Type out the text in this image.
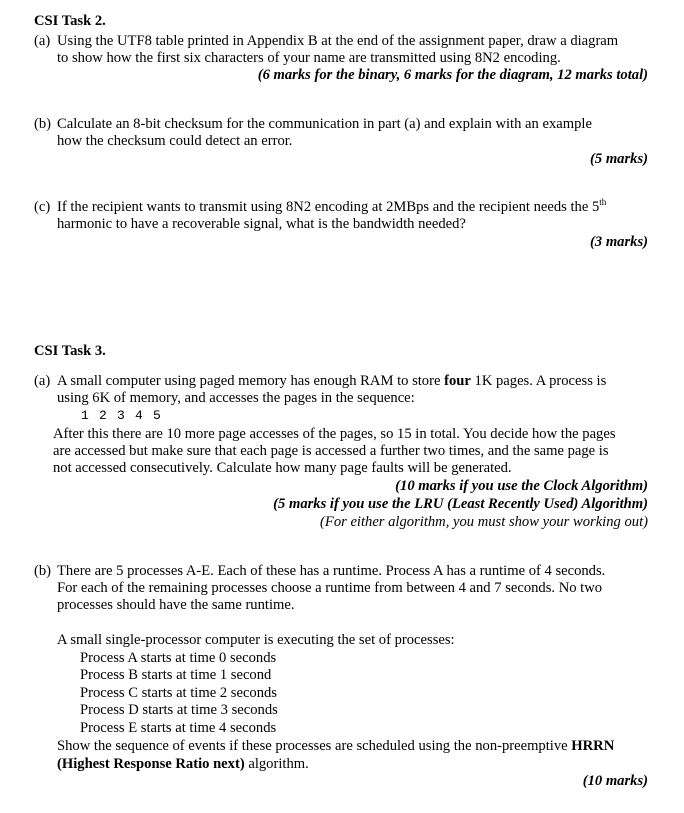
CSI Task 2.
(a) Using the UTF8 table printed in Appendix B at the end of the assignment paper, draw a diagram
to show how the first six characters of your name are transmitted using 8N2 encoding.
(6 marks for the binary, 6 marks for the diagram, 12 marks total)
(b) Calculate an 8-bit checksum for the communication in part (a) and explain with an example
how the checksum could detect an error.
(5 marks)
(c) If the recipient wants to transmit using 8N2 encoding at 2MBps and the recipient needs the 5th
harmonic to have a recoverable signal, what is the bandwidth needed?
(3 marks)
CSI Task 3.
(a) A small computer using paged memory has enough RAM to store four 1K pages. A process is
using 6K of memory, and accesses the pages in the sequence:
1 2 3 4 5
After this there are 10 more page accesses of the pages, so 15 in total. You decide how the pages
are accessed but make sure that each page is accessed a further two times, and the same page is
not accessed consecutively. Calculate how many page faults will be generated.
(10 marks if you use the Clock Algorithm)
(5 marks if you use the LRU (Least Recently Used) Algorithm)
(For either algorithm, you must show your working out)
(b) There are 5 processes A-E. Each of these has a runtime. Process A has a runtime of 4 seconds.
For each of the remaining processes choose a runtime from between 4 and 7 seconds. No two
processes should have the same runtime.
A small single-processor computer is executing the set of processes:
Process A starts at time 0 seconds
Process B starts at time 1 second
Process C starts at time 2 seconds
Process D starts at time 3 seconds
Process E starts at time 4 seconds
Show the sequence of events if these processes are scheduled using the non-preemptive HRRN
(Highest Response Ratio next) algorithm.
(10 marks)
